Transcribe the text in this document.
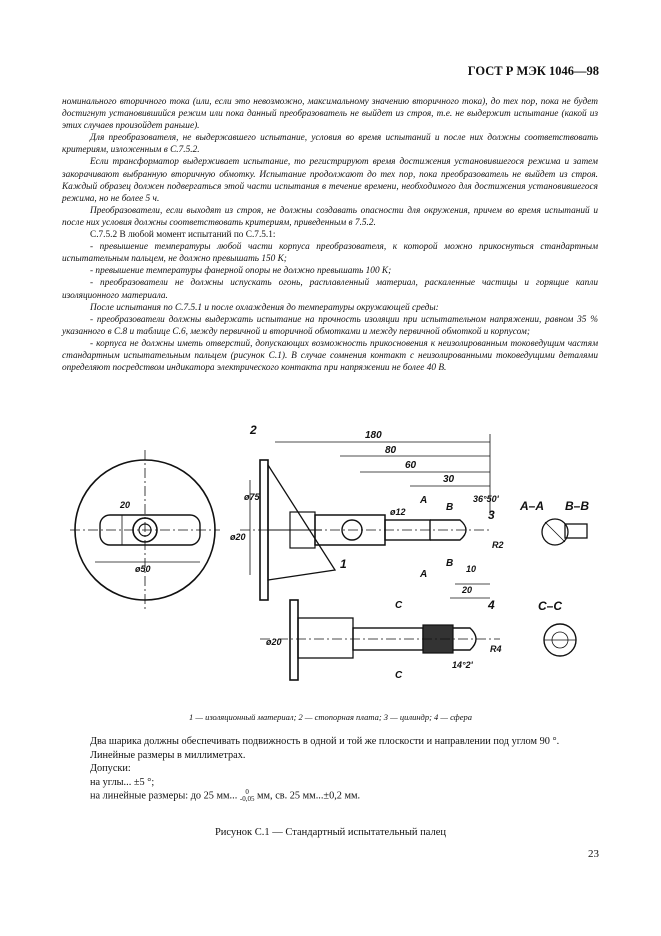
ГОСТ Р МЭК 1046—98

номинального вторичного тока (или, если это невозможно, максимальному значению вторичного тока), до тех пор, пока не будет достигнут установившийся режим или пока данный преобразователь не выйдет из строя, т.е. не выдержит испытание (какой из этих случаев произойдет раньше).

Для преобразователя, не выдержавшего испытание, условия во время испытаний и после них должны соответствовать критериям, изложенным в С.7.5.2.

Если трансформатор выдерживает испытание, то регистрируют время достижения установившегося режима и затем закорачивают выбранную вторичную обмотку. Испытание продолжают до тех пор, пока преобразователь не выйдет из строя. Каждый образец должен подвергаться этой части испытания в течение времени, необходимого для достижения установившегося режима, но не более 5 ч.

Преобразователи, если выходят из строя, не должны создавать опасности для окружения, причем во время испытаний и после них условия должны соответствовать критериям, приведенным в 7.5.2.

С.7.5.2 В любой момент испытаний по С.7.5.1:

- превышение температуры любой части корпуса преобразователя, к которой можно прикоснуться стандартным испытательным пальцем, не должно превышать 150 К;

- превышение температуры фанерной опоры не должно превышать 100 К;

- преобразователи не должны испускать огонь, расплавленный материал, раскаленные частицы и горящие капли изоляционного материала.

После испытания по С.7.5.1 и после охлаждения до температуры окружающей среды:

- преобразователи должны выдержать испытание на прочность изоляции при испытательном напряжении, равном 35 % указанного в С.8 и таблице С.6, между первичной и вторичной обмотками и между первичной обмоткой и корпусом;

- корпуса не должны иметь отверстий, допускающих возможность прикосновения к неизолированным токоведущим частям стандартным испытательным пальцем (рисунок С.1). В случае сомнения контакт с неизолированными токоведущими деталями определяют посредством индикатора электрического контакта при напряжении не более 40 В.

180
80
60
30
36°50'
20
ø75
ø20
ø50
ø12
R2
10
20
R4
14°2'
ø20
A
A
B
B
C
C
A–A B–B
C–C
1
2
3
4
1 — изоляционный материал; 2 — стопорная плата; 3 — цилиндр; 4 — сфера

Два шарика должны обеспечивать подвижность в одной и той же плоскости и направлении под углом 90 °.

Линейные размеры в миллиметрах.

Допуски:

на углы... ±5 °;

на линейные размеры: до 25 мм... 0
-0,05 мм, св. 25 мм...±0,2 мм.

Рисунок С.1 — Стандартный испытательный палец
23
